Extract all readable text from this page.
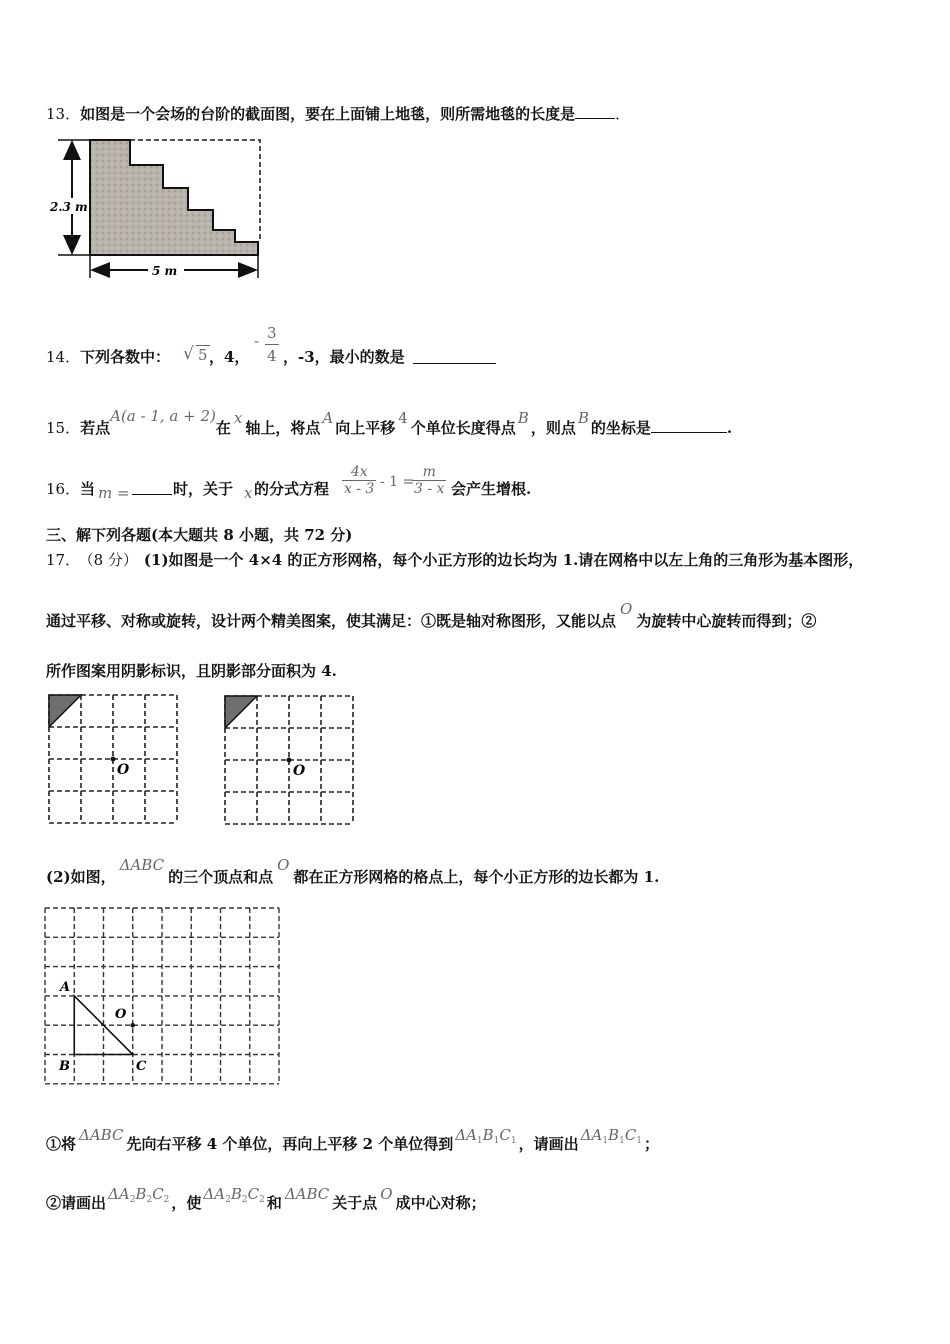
13．如图是一个会场的台阶的截面图，要在上面铺上地毯，则所需地毯的长度是	．
2.3 m
5 m
14． 下列各数中： √ 5 ，4，
- $\frac{3}{4}$ ，-3，最小的数是
15．若点A(a - 1, a + 2)在x轴上，将点A向上平移4个单位长度得点B，则点B的坐标是	.
16． 当 m =	时，关于 x 的分式方程 $\frac{4x}{x - 3} - 1$ =
$\frac{m}{3 - x}$ 会产生增根.
三、解下列各题(本大题共 8 小题，共 72 分)
17． （8 分） (1)如图是一个 4×4 的正方形网格，每个小正方形的边长均为 1.请在网格中以左上角的三角形为基本图形，
通过平移、对称或旋转，设计两个精美图案，使其满足：①既是轴对称图形，又能以点O为旋转中心旋转而得到；②
所作图案用阴影标识，且阴影部分面积为 4.
O	O
(2)如图，ΔABC的三个顶点和点O都在正方形网格的格点上，每个小正方形的边长都为 1.
A
B	C
O
①将 ΔABC 先向右平移 4 个单位，再向上平移 2 个单位得到 $\Delta A_1B_1C_1$ ，请画出 $\Delta A_1B_1C_1$ ；
②请画出 $\Delta A_2B_2C_2$ ，使 $\Delta A_2B_2C_2$ 和 ΔABC 关于点 O 成中心对称；
